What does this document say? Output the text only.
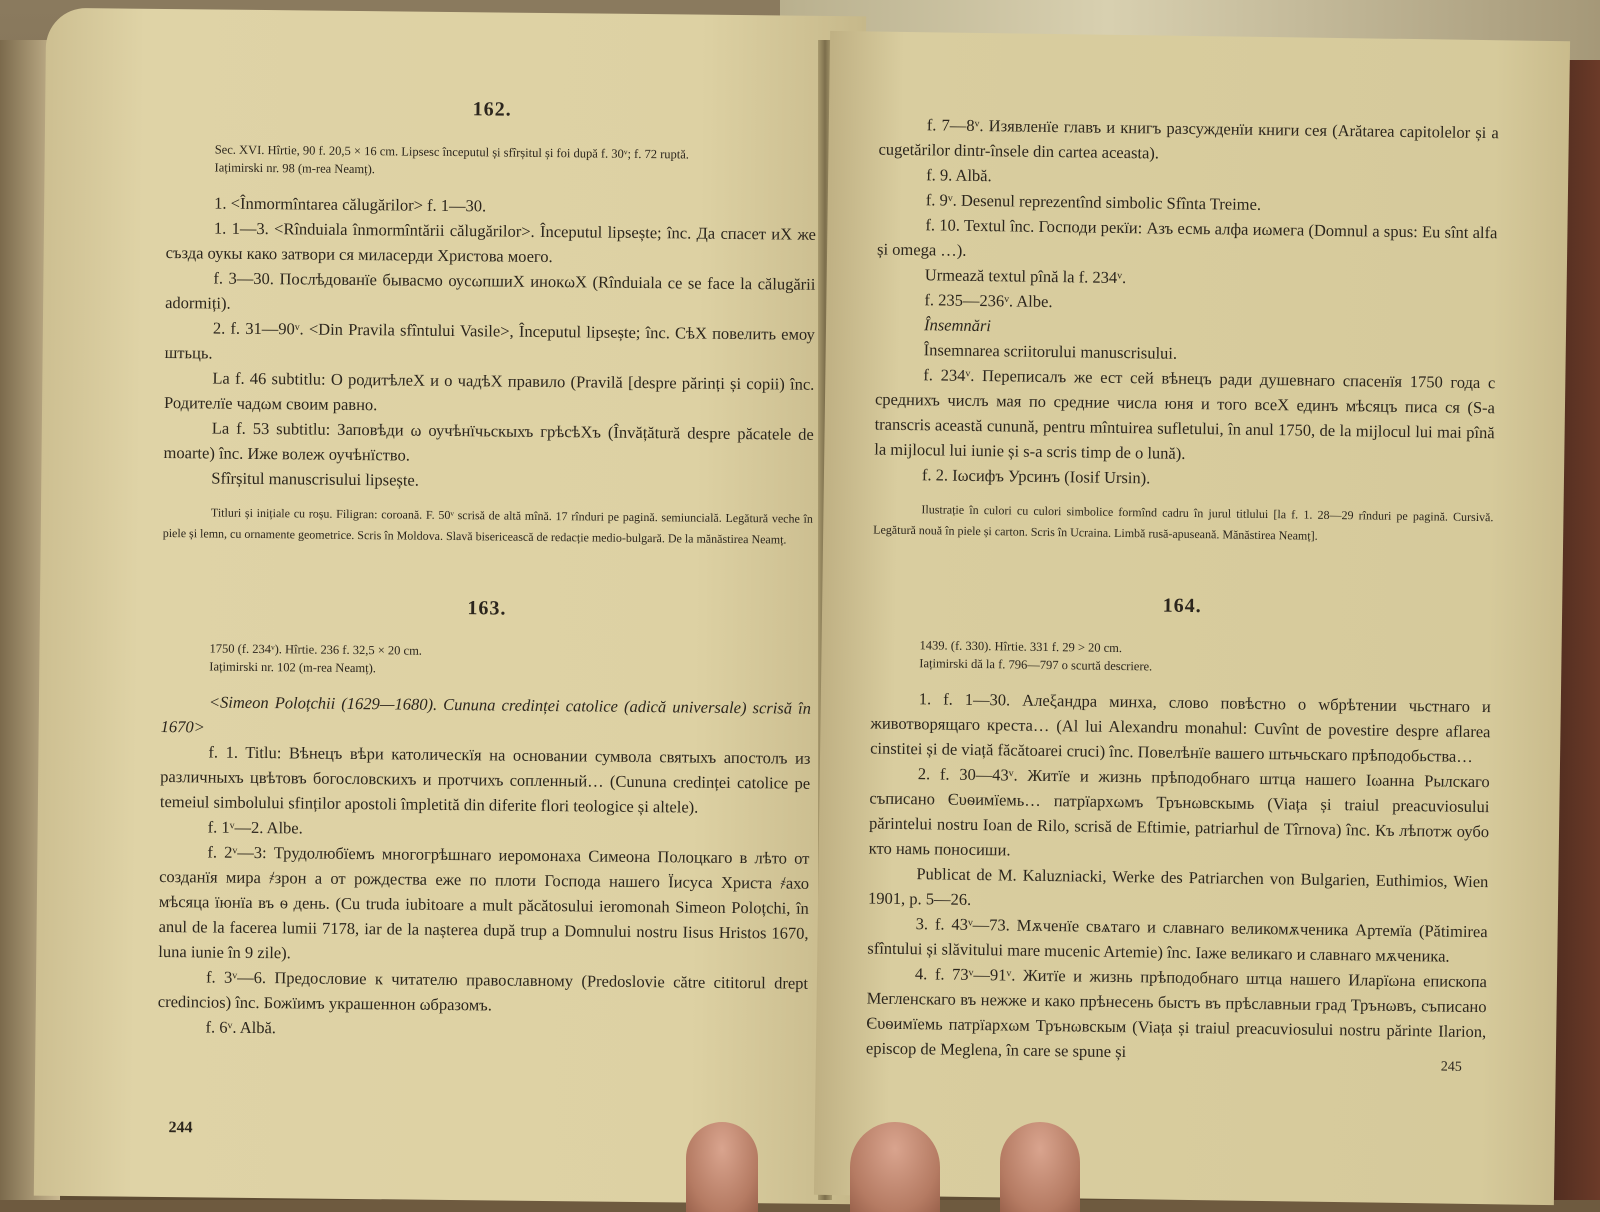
162.

Sec. XVI. Hîrtie, 90 f. 20,5 × 16 cm. Lipsesc începutul și sfîrșitul și foi după f. 30ᵛ; f. 72 ruptă.

Iațimirski nr. 98 (m-rea Neamț).

1. <Înmormîntarea călugărilor> f. 1—30.

1. 1—3. <Rînduiala înmormîntării călugărilor>. Începutul lipsește; înc. Да спасет иХ же създа оукы како затвори ся миласерди Христова моего.

f. 3—30. Послѣдованїе бывасмо оусωпшиХ инокωХ (Rînduiala ce se face la călugării adormiți).

2. f. 31—90ᵛ. <Din Pravila sfîntului Vasile>, Începutul lipsește; înc. СѣХ повелить емоу штьць.

La f. 46 subtitlu: О родитѣлеХ и о чадѣХ правило (Pravilă [despre părinți și copii) înc. Родителїе чадωм своим равно.

La f. 53 subtitlu: Заповѣди ω оучѣнїчьскыхъ грѣсѣХъ (Învățătură despre păcatele de moarte) înc. Иже волеж оучѣнїство.

Sfîrșitul manuscrisului lipsește.

Titluri și inițiale cu roșu. Filigran: coroană. F. 50ᵛ scrisă de altă mînă. 17 rînduri pe pagină. semiuncială. Legătură veche în piele și lemn, cu ornamente geometrice. Scris în Moldova. Slavă bisericească de redacție medio-bulgară. De la mănăstirea Neamț.

163.

1750 (f. 234ᵛ). Hîrtie. 236 f. 32,5 × 20 cm.

Iațimirski nr. 102 (m-rea Neamț).

<Simeon Poloțchii (1629—1680). Cununa credinței catolice (adică universale) scrisă în 1670>

f. 1. Titlu: Вѣнецъ вѣри католическїя на основании сумвола святыхъ апостолъ из различныхъ цвѣтовъ богословскихъ и протчихъ сопленный… (Cununa credinței catolice pe temeiul simbolului sfinților apostoli împletită din diferite flori teologice și altele).

f. 1ᵛ—2. Albe.

f. 2ᵛ—3: Трудолюбїемъ многогрѣшнаго иеромонаха Симеона Полоцкаго в лѣто от созданїя мира ҂зрон а от рождества еже по плоти Господа нашего Їисуса Христа ҂ахо мѣсяца їюнїа въ ѳ день. (Cu truda iubitoare a mult păcătosului ieromonah Simeon Poloțchi, în anul de la facerea lumii 7178, iar de la nașterea după trup a Domnului nostru Iisus Hristos 1670, luna iunie în 9 zile).

f. 3ᵛ—6. Предословие к читателю православному (Predoslovie către cititorul drept credincios) înc. Божїимъ украшеннон ωбразомъ.

f. 6ᵛ. Albă.

244

f. 7—8ᵛ. Изявленїе главъ и книгъ разсужденїи книги сея (Arătarea capitolelor și a cugetărilor dintr-însele din cartea aceasta).

f. 9. Albă.

f. 9ᵛ. Desenul reprezentînd simbolic Sfînta Treime.

f. 10. Textul înc. Господи рекїи: Азъ есмь алфа иωмега (Domnul a spus: Eu sînt alfa și omega …).

Urmează textul pînă la f. 234ᵛ.

f. 235—236ᵛ. Albe.

Însemnări

Însemnarea scriitorului manuscrisului.

f. 234ᵛ. Переписалъ же ест сей вѣнецъ ради душевнаго спасенїя 1750 года с среднихъ числъ мая по средние числа юня и того всеХ единъ мѣсяцъ писа ся (S-a transcris această cunună, pentru mîntuirea sufletului, în anul 1750, de la mijlocul lui mai pînă la mijlocul lui iunie și s-a scris timp de o lună).

f. 2. Іωсифъ Урсинъ (Iosif Ursin).

Ilustrație în culori cu culori simbolice formînd cadru în jurul titlului [la f. 1. 28—29 rînduri pe pagină. Cursivă. Legătură nouă în piele și carton. Scris în Ucraina. Limbă rusă-apuseană. Mănăstirea Neamț].

164.

1439. (f. 330). Hîrtie. 331 f. 29 > 20 cm.

Iațimirski dă la f. 796—797 o scurtă descriere.

1. f. 1—30. Алеξандра минха, слово повѣстно о wбрѣтении чьстнаго и животворящаго креста… (Al lui Alexandru monahul: Cuvînt de povestire despre aflarea cinstitei și de viață făcătoarei cruci) înc. Повелѣнїе вашего штьчьскаго прѣподобьства…

2. f. 30—43ᵛ. Житїе и жизнь прѣподобнаго штца нашего Іωанна Рылскаго съписано Єυѳимїемь… патрїархωмъ Трънωвскымь (Viața și traiul preacuviosului părintelui nostru Ioan de Rilo, scrisă de Eftimie, patriarhul de Tîrnova) înc. Къ лѣпотж оубо кто намь поносиши.

Publicat de M. Kaluzniacki, Werke des Patriarchen von Bulgarien, Euthimios, Wien 1901, p. 5—26.

3. f. 43ᵛ—73. Мѫченїе свѧтаго и славнаго великомѫченика Артемїа (Pătimirea sfîntului și slăvitului mare mucenic Artemie) înc. Іаже великаго и славнаго мѫченика.

4. f. 73ᵛ—91ᵛ. Житїе и жизнь прѣподобнаго штца нашего Иларїωна епископа Мегленскаго въ нежже и како прѣнесень быстъ въ прѣславныи град Трънωвъ, съписано Єυѳимїемь патрїархωм Трънωвскым (Viața și traiul preacuviosului nostru părinte Ilarion, episcop de Meglena, în care se spune și

245
